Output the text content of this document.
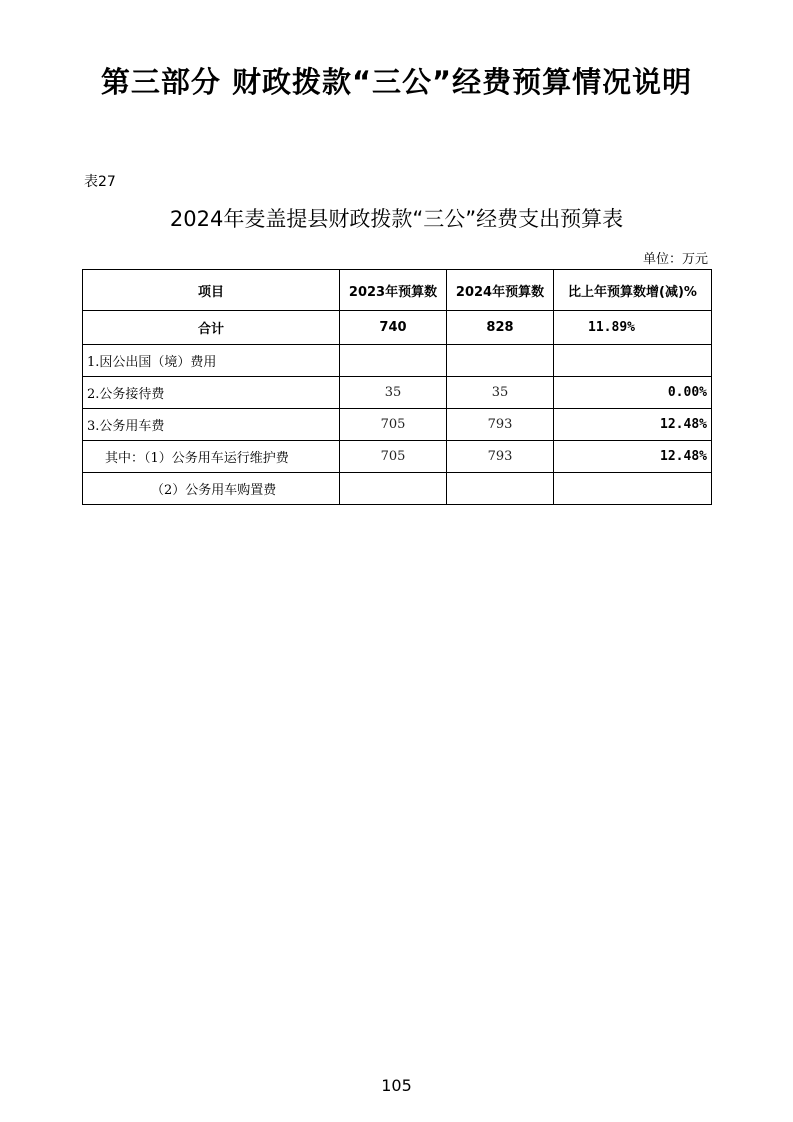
第三部分 财政拨款“三公”经费预算情况说明
表27
2024年麦盖提县财政拨款“三公”经费支出预算表
单位：万元
项目	2023年预算数	2024年预算数	比上年预算数增(减)%
合计	740	828	11.89%
1.因公出国（境）费用			
2.公务接待费	35	35	0.00%
3.公务用车费	705	793	12.48%
其中：（1）公务用车运行维护费	705	793	12.48%
（2）公务用车购置费			
105
